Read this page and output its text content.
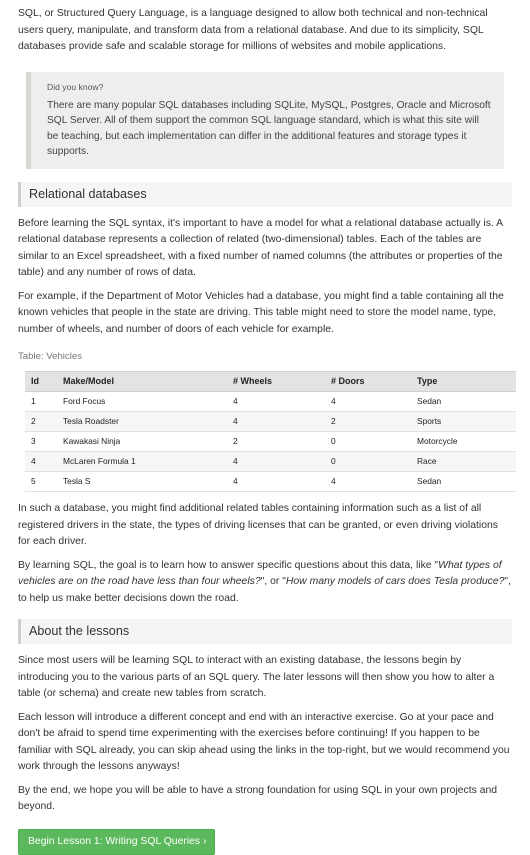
SQL, or Structured Query Language, is a language designed to allow both technical and non-technical users query, manipulate, and transform data from a relational database. And due to its simplicity, SQL databases provide safe and scalable storage for millions of websites and mobile applications.

Did you know?

There are many popular SQL databases including SQLite, MySQL, Postgres, Oracle and Microsoft SQL Server. All of them support the common SQL language standard, which is what this site will be teaching, but each implementation can differ in the additional features and storage types it supports.

Relational databases

Before learning the SQL syntax, it's important to have a model for what a relational database actually is. A relational database represents a collection of related (two-dimensional) tables. Each of the tables are similar to an Excel spreadsheet, with a fixed number of named columns (the attributes or properties of the table) and any number of rows of data.

For example, if the Department of Motor Vehicles had a database, you might find a table containing all the known vehicles that people in the state are driving. This table might need to store the model name, type, number of wheels, and number of doors of each vehicle for example.

Table: Vehicles
Id	Make/Model	# Wheels	# Doors	Type
1	Ford Focus	4	4	Sedan
2	Tesla Roadster	4	2	Sports
3	Kawakasi Ninja	2	0	Motorcycle
4	McLaren Formula 1	4	0	Race
5	Tesla S	4	4	Sedan

In such a database, you might find additional related tables containing information such as a list of all registered drivers in the state, the types of driving licenses that can be granted, or even driving violations for each driver.

By learning SQL, the goal is to learn how to answer specific questions about this data, like "What types of vehicles are on the road have less than four wheels?", or "How many models of cars does Tesla produce?", to help us make better decisions down the road.

About the lessons

Since most users will be learning SQL to interact with an existing database, the lessons begin by introducing you to the various parts of an SQL query. The later lessons will then show you how to alter a table (or schema) and create new tables from scratch.

Each lesson will introduce a different concept and end with an interactive exercise. Go at your pace and don't be afraid to spend time experimenting with the exercises before continuing! If you happen to be familiar with SQL already, you can skip ahead using the links in the top-right, but we would recommend you work through the lessons anyways!

By the end, we hope you will be able to have a strong foundation for using SQL in your own projects and beyond.

Begin Lesson 1: Writing SQL Queries ›
